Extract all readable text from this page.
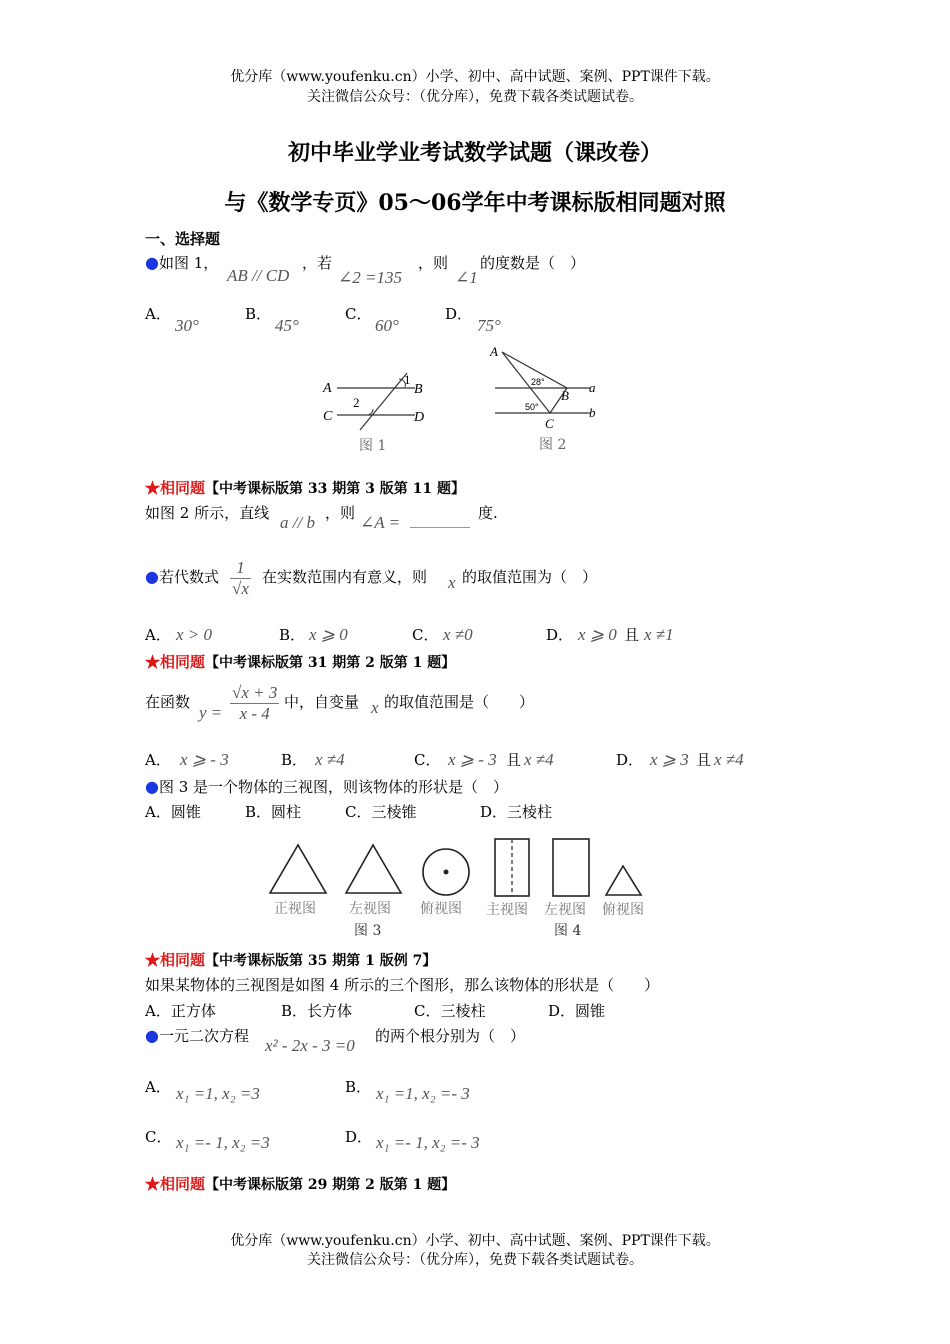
优分库（www.youfenku.cn）小学、初中、高中试题、案例、PPT课件下载。
关注微信公众号：（优分库），免费下载各类试题试卷。
初中毕业学业考试数学试题（课改卷）
与《数学专页》05～06学年中考课标版相同题对照
一、选择题
●如图 1，
AB // CD
，若
∠2 =135
，则
∠1
的度数是（　）
A．
30°
B．
45°
C．
60°
D．
75°
A	B
C	D
1
2
图 1
A
B
C
a
b
28°
50°
图 2
★相同题【中考课标版第 33 期第 3 版第 11 题】
如图 2 所示，直线 a // b ，则 ∠A = ________ 度.
●若代数式 $\frac{1}{√x}$ 在实数范围内有意义，则 x 的取值范围为（　）
A． x > 0	B． x ⩾ 0	C． x ≠0	D． x ⩾ 0 且 x ≠1
★相同题【中考课标版第 31 期第 2 版第 1 题】
在函数
$y = \frac{√x + 3}{x - 4}$ 中，自变量 x 的取值范围是（　　）
A． x ⩾ - 3	B． x ≠4	C． x ⩾ - 3 且 x ≠4	D． x ⩾ 3 且 x ≠4
●图 3 是一个物体的三视图，则该物体的形状是（　）
A．圆锥	B．圆柱	C．三棱锥	D．三棱柱
正视图 左视图 俯视图 主视图 左视图 俯视图
图 3	图 4
★相同题【中考课标版第 35 期第 1 版例 7】
如果某物体的三视图是如图 4 所示的三个图形，那么该物体的形状是（　　）
A．正方体	B．长方体	C．三棱柱	D．圆锥
●一元二次方程 x² - 2x - 3 =0 的两个根分别为（　）
A． x₁ =1, x₂ =3	B． x₁ =1, x₂ =- 3
C． x₁ =- 1, x₂ =3	D． x₁ =- 1, x₂ =- 3
★相同题【中考课标版第 29 期第 2 版第 1 题】
优分库（www.youfenku.cn）小学、初中、高中试题、案例、PPT课件下载。
关注微信公众号：（优分库），免费下载各类试题试卷。
